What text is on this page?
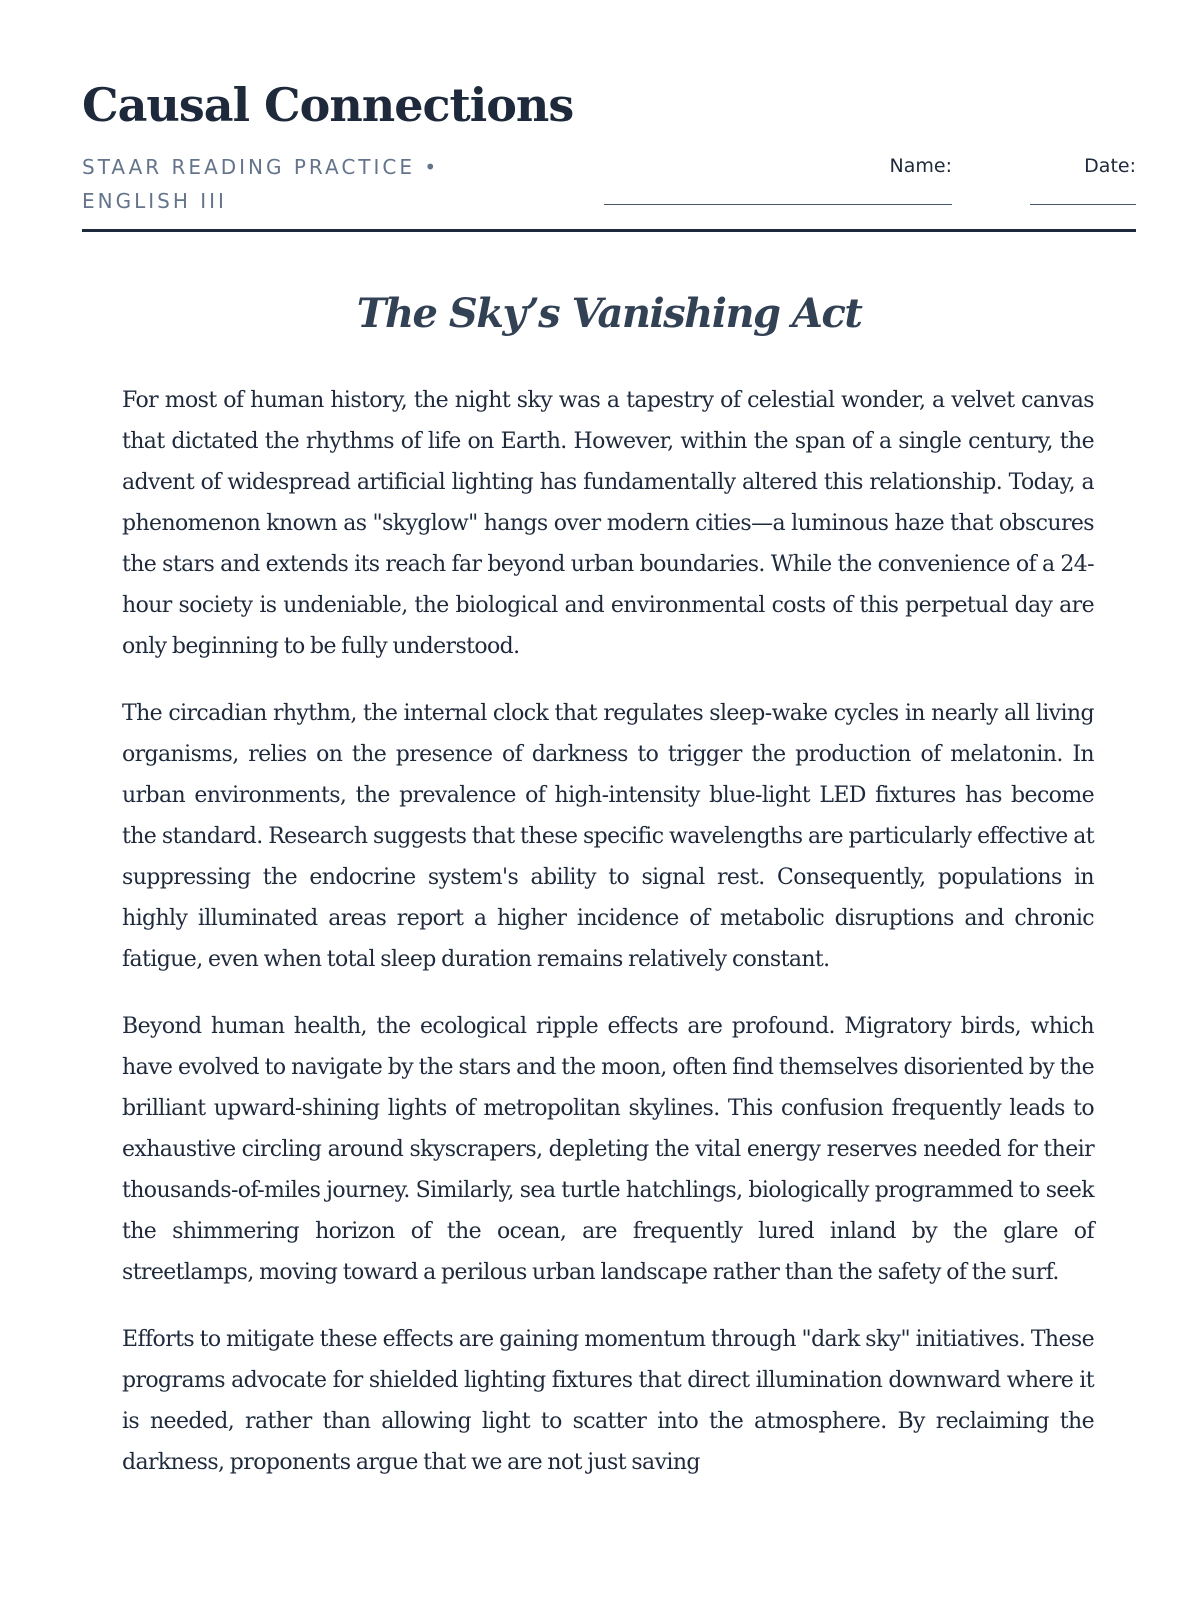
Causal Connections
STAAR READING PRACTICE • ENGLISH III
Name:	Date:
The Sky’s Vanishing Act

For most of human history, the night sky was a tapestry of celestial wonder, a velvet canvas that dictated the rhythms of life on Earth. However, within the span of a single century, the advent of widespread artificial lighting has fundamentally altered this relationship. Today, a phenomenon known as "skyglow" hangs over modern cities—a luminous haze that obscures the stars and extends its reach far beyond urban boundaries. While the convenience of a 24-hour society is undeniable, the biological and environmental costs of this perpetual day are only beginning to be fully understood.

The circadian rhythm, the internal clock that regulates sleep-wake cycles in nearly all living organisms, relies on the presence of darkness to trigger the production of melatonin. In urban environments, the prevalence of high-intensity blue-light LED fixtures has become the standard. Research suggests that these specific wavelengths are particularly effective at suppressing the endocrine system's ability to signal rest. Consequently, populations in highly illuminated areas report a higher incidence of metabolic disruptions and chronic fatigue, even when total sleep duration remains relatively constant.

Beyond human health, the ecological ripple effects are profound. Migratory birds, which have evolved to navigate by the stars and the moon, often find themselves disoriented by the brilliant upward-shining lights of metropolitan skylines. This confusion frequently leads to exhaustive circling around skyscrapers, depleting the vital energy reserves needed for their thousands-of-miles journey. Similarly, sea turtle hatchlings, biologically programmed to seek the shimmering horizon of the ocean, are frequently lured inland by the glare of streetlamps, moving toward a perilous urban landscape rather than the safety of the surf.

Efforts to mitigate these effects are gaining momentum through "dark sky" initiatives. These programs advocate for shielded lighting fixtures that direct illumination downward where it is needed, rather than allowing light to scatter into the atmosphere. By reclaiming the darkness, proponents argue that we are not just saving
